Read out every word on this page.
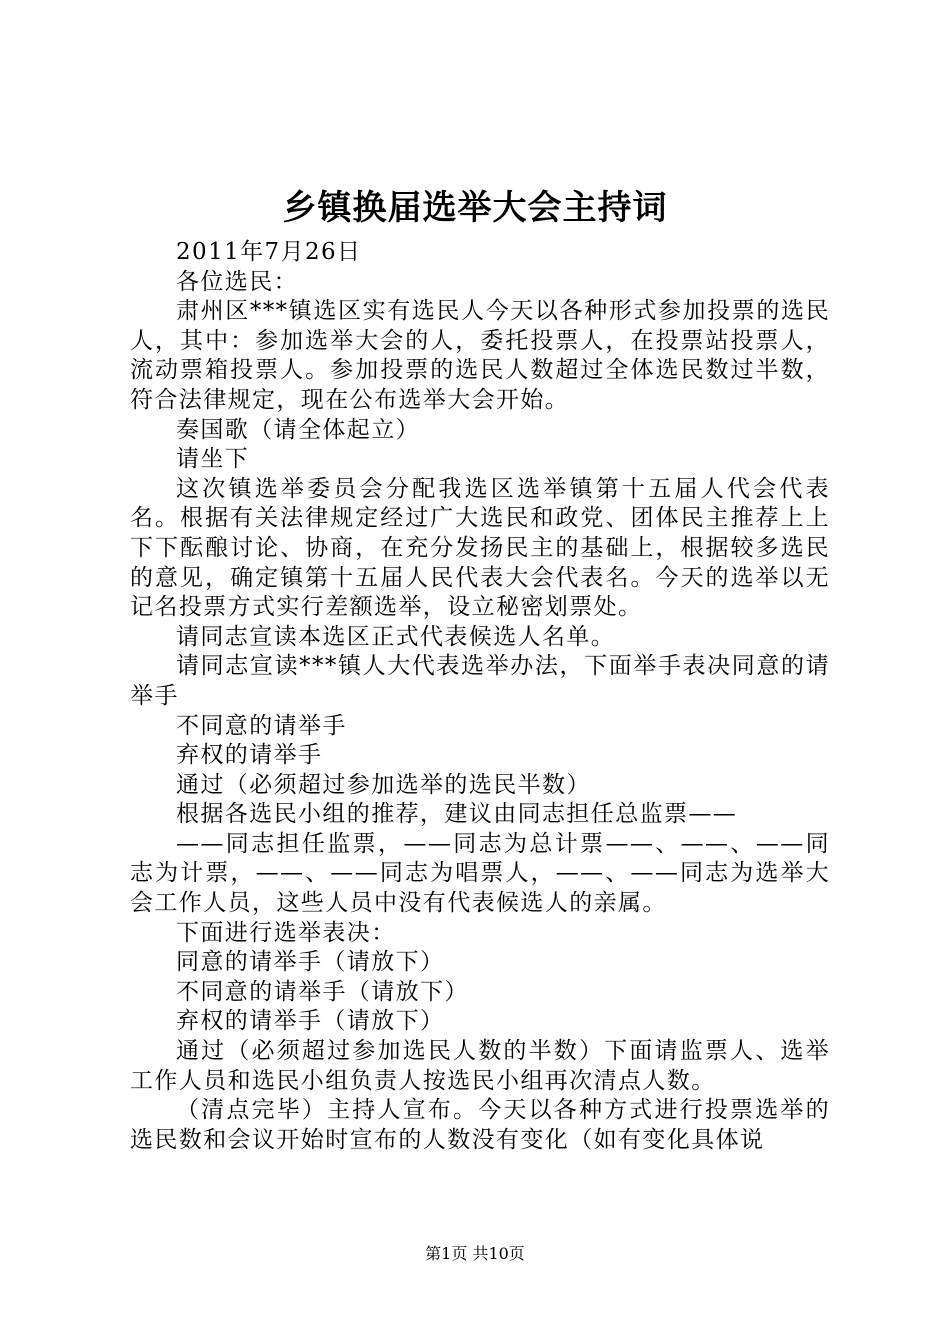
乡镇换届选举大会主持词

2011年7月26日

各位选民：

肃州区***镇选区实有选民人今天以各种形式参加投票的选民人，其中：参加选举大会的人，委托投票人，在投票站投票人，流动票箱投票人。参加投票的选民人数超过全体选民数过半数，符合法律规定，现在公布选举大会开始。

奏国歌（请全体起立）

请坐下

这次镇选举委员会分配我选区选举镇第十五届人代会代表名。根据有关法律规定经过广大选民和政党、团体民主推荐上上下下酝酿讨论、协商，在充分发扬民主的基础上，根据较多选民的意见，确定镇第十五届人民代表大会代表名。今天的选举以无记名投票方式实行差额选举，设立秘密划票处。

请同志宣读本选区正式代表候选人名单。

请同志宣读***镇人大代表选举办法，下面举手表决同意的请举手

不同意的请举手

弃权的请举手

通过（必须超过参加选举的选民半数）

根据各选民小组的推荐，建议由同志担任总监票——

——同志担任监票，——同志为总计票——、——、——同志为计票，——、——同志为唱票人，——、——同志为选举大会工作人员，这些人员中没有代表候选人的亲属。

下面进行选举表决：

同意的请举手（请放下）

不同意的请举手（请放下）

弃权的请举手（请放下）

通过（必须超过参加选民人数的半数）下面请监票人、选举工作人员和选民小组负责人按选民小组再次清点人数。

（清点完毕）主持人宣布。今天以各种方式进行投票选举的选民数和会议开始时宣布的人数没有变化（如有变化具体说

第1页 共10页
